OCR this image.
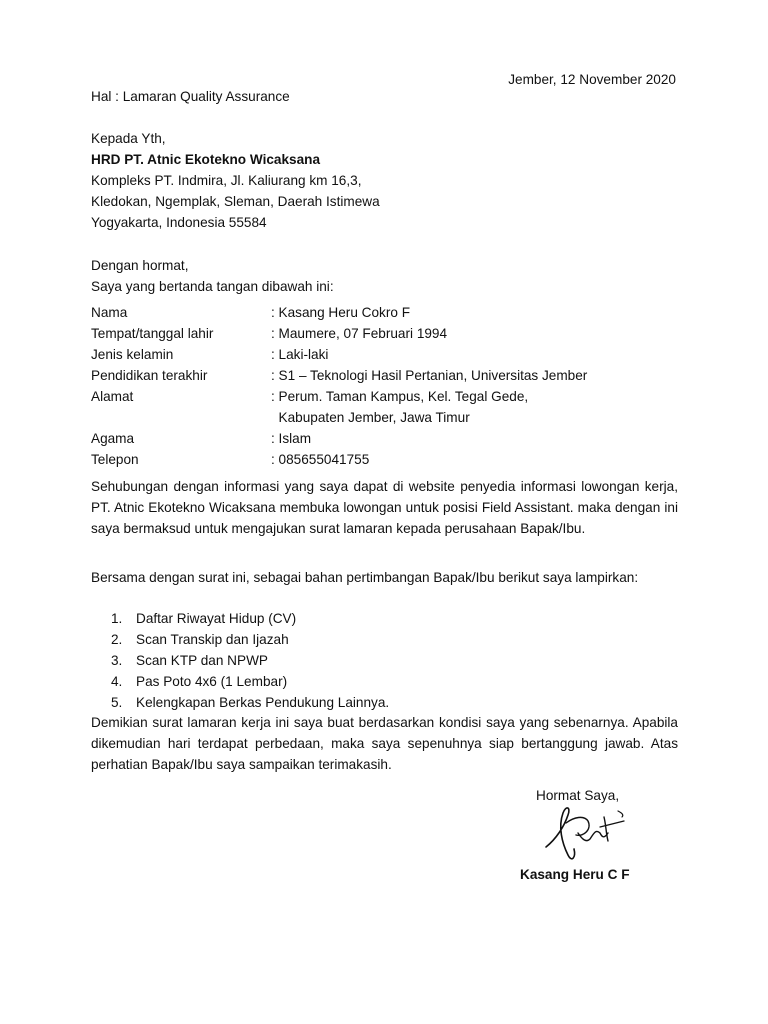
Jember, 12 November 2020
Hal : Lamaran Quality Assurance
Kepada Yth,
HRD PT. Atnic Ekotekno Wicaksana
Kompleks PT. Indmira, Jl. Kaliurang km 16,3,
Kledokan, Ngemplak, Sleman, Daerah Istimewa
Yogyakarta, Indonesia 55584
Dengan hormat,
Saya yang bertanda tangan dibawah ini:
Nama	: Kasang Heru Cokro F
Tempat/tanggal lahir	: Maumere, 07 Februari 1994
Jenis kelamin	: Laki-laki
Pendidikan terakhir	: S1 – Teknologi Hasil Pertanian, Universitas Jember
Alamat	: Perum. Taman Kampus, Kel. Tegal Gede,
	Kabupaten Jember, Jawa Timur
Agama	: Islam
Telepon	: 085655041755

Sehubungan dengan informasi yang saya dapat di website penyedia informasi lowongan kerja, PT. Atnic Ekotekno Wicaksana membuka lowongan untuk posisi Field Assistant. maka dengan ini saya bermaksud untuk mengajukan surat lamaran kepada perusahaan Bapak/Ibu.

Bersama dengan surat ini, sebagai bahan pertimbangan Bapak/Ibu berikut saya lampirkan:

1. Daftar Riwayat Hidup (CV)
2. Scan Transkip dan Ijazah
3. Scan KTP dan NPWP
4. Pas Poto 4x6 (1 Lembar)
5. Kelengkapan Berkas Pendukung Lainnya.

Demikian surat lamaran kerja ini saya buat berdasarkan kondisi saya yang sebenarnya. Apabila dikemudian hari terdapat perbedaan, maka saya sepenuhnya siap bertanggung jawab. Atas perhatian Bapak/Ibu saya sampaikan terimakasih.

Hormat Saya,
Kasang Heru C F
